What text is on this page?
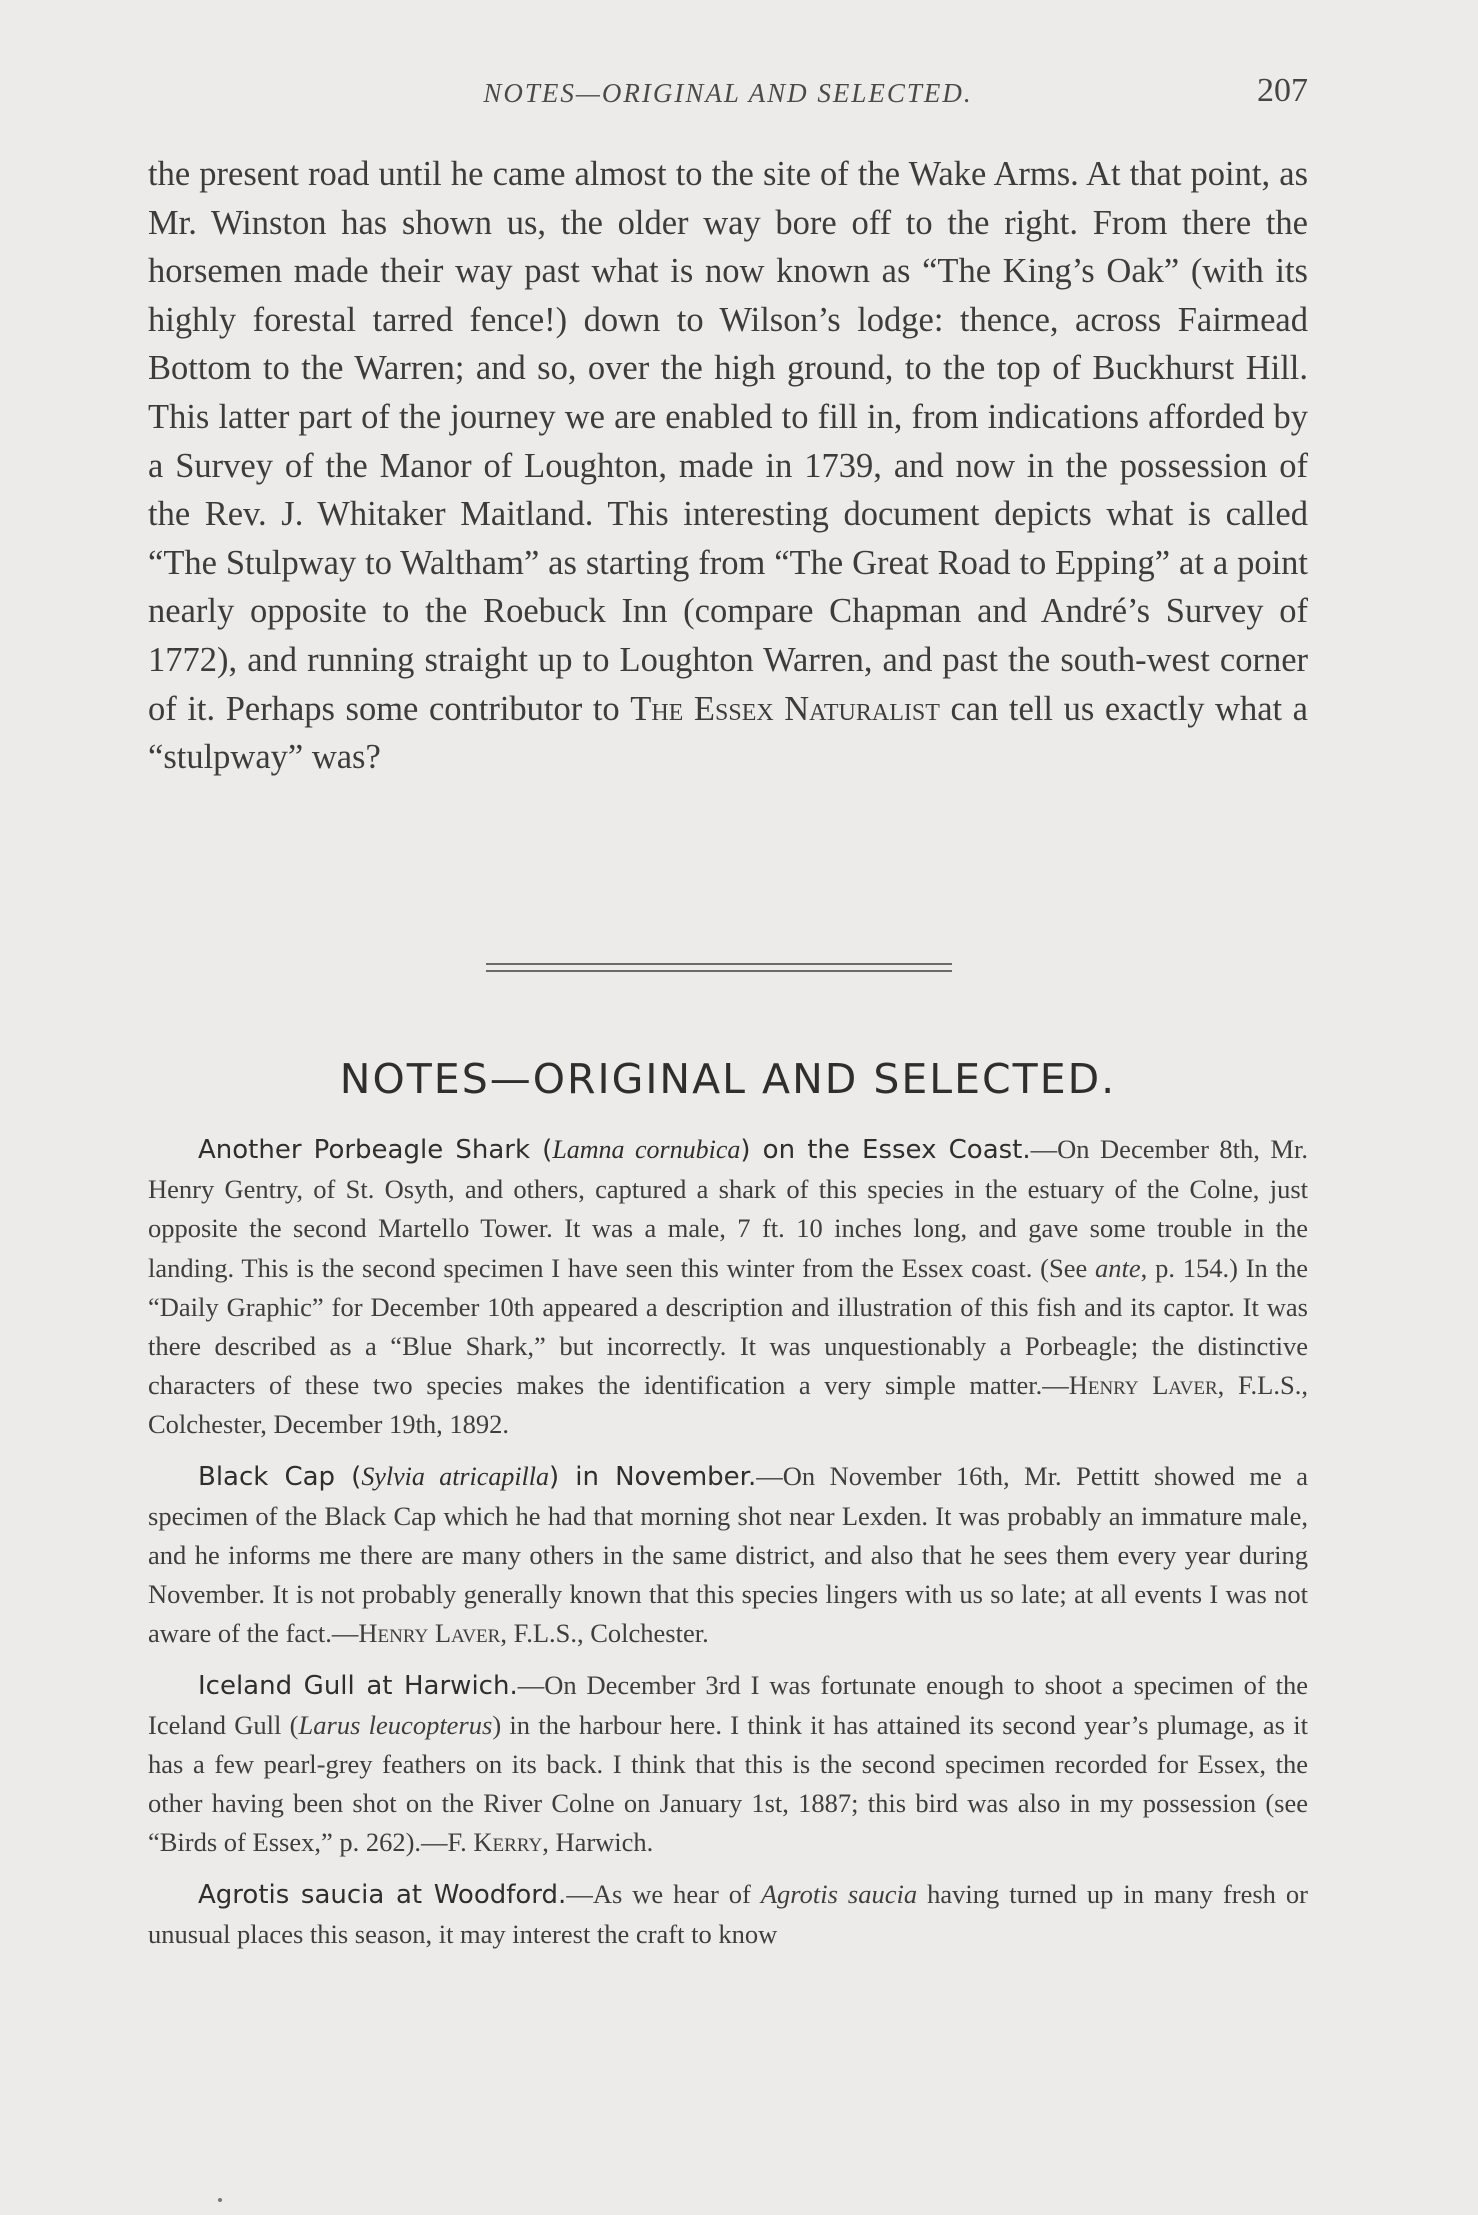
NOTES—ORIGINAL AND SELECTED.	207

the present road until he came almost to the site of the Wake Arms. At that point, as Mr. Winston has shown us, the older way bore off to the right. From there the horsemen made their way past what is now known as “The King’s Oak” (with its highly forestal tarred fence!) down to Wilson’s lodge: thence, across Fairmead Bottom to the Warren; and so, over the high ground, to the top of Buckhurst Hill. This latter part of the journey we are enabled to fill in, from indications afforded by a Survey of the Manor of Loughton, made in 1739, and now in the possession of the Rev. J. Whitaker Maitland. This interesting document depicts what is called “The Stulpway to Waltham” as starting from “The Great Road to Epping” at a point nearly opposite to the Roebuck Inn (compare Chapman and André’s Survey of 1772), and running straight up to Loughton Warren, and past the south-west corner of it. Perhaps some contributor to The Essex Naturalist can tell us exactly what a “stulpway” was?

NOTES—ORIGINAL AND SELECTED.

Another Porbeagle Shark (Lamna cornubica) on the Essex Coast.—On December 8th, Mr. Henry Gentry, of St. Osyth, and others, captured a shark of this species in the estuary of the Colne, just opposite the second Martello Tower. It was a male, 7 ft. 10 inches long, and gave some trouble in the landing. This is the second specimen I have seen this winter from the Essex coast. (See ante, p. 154.) In the “Daily Graphic” for December 10th appeared a description and illustration of this fish and its captor. It was there described as a “Blue Shark,” but incorrectly. It was unquestionably a Porbeagle; the distinctive characters of these two species makes the identification a very simple matter.—Henry Laver, F.L.S., Colchester, December 19th, 1892.

Black Cap (Sylvia atricapilla) in November.—On November 16th, Mr. Pettitt showed me a specimen of the Black Cap which he had that morning shot near Lexden. It was probably an immature male, and he informs me there are many others in the same district, and also that he sees them every year during November. It is not probably generally known that this species lingers with us so late; at all events I was not aware of the fact.—Henry Laver, F.L.S., Colchester.

Iceland Gull at Harwich.—On December 3rd I was fortunate enough to shoot a specimen of the Iceland Gull (Larus leucopterus) in the harbour here. I think it has attained its second year’s plumage, as it has a few pearl-grey feathers on its back. I think that this is the second specimen recorded for Essex, the other having been shot on the River Colne on January 1st, 1887; this bird was also in my possession (see “Birds of Essex,” p. 262).—F. Kerry, Harwich.

Agrotis saucia at Woodford.—As we hear of Agrotis saucia having turned up in many fresh or unusual places this season, it may interest the craft to know
